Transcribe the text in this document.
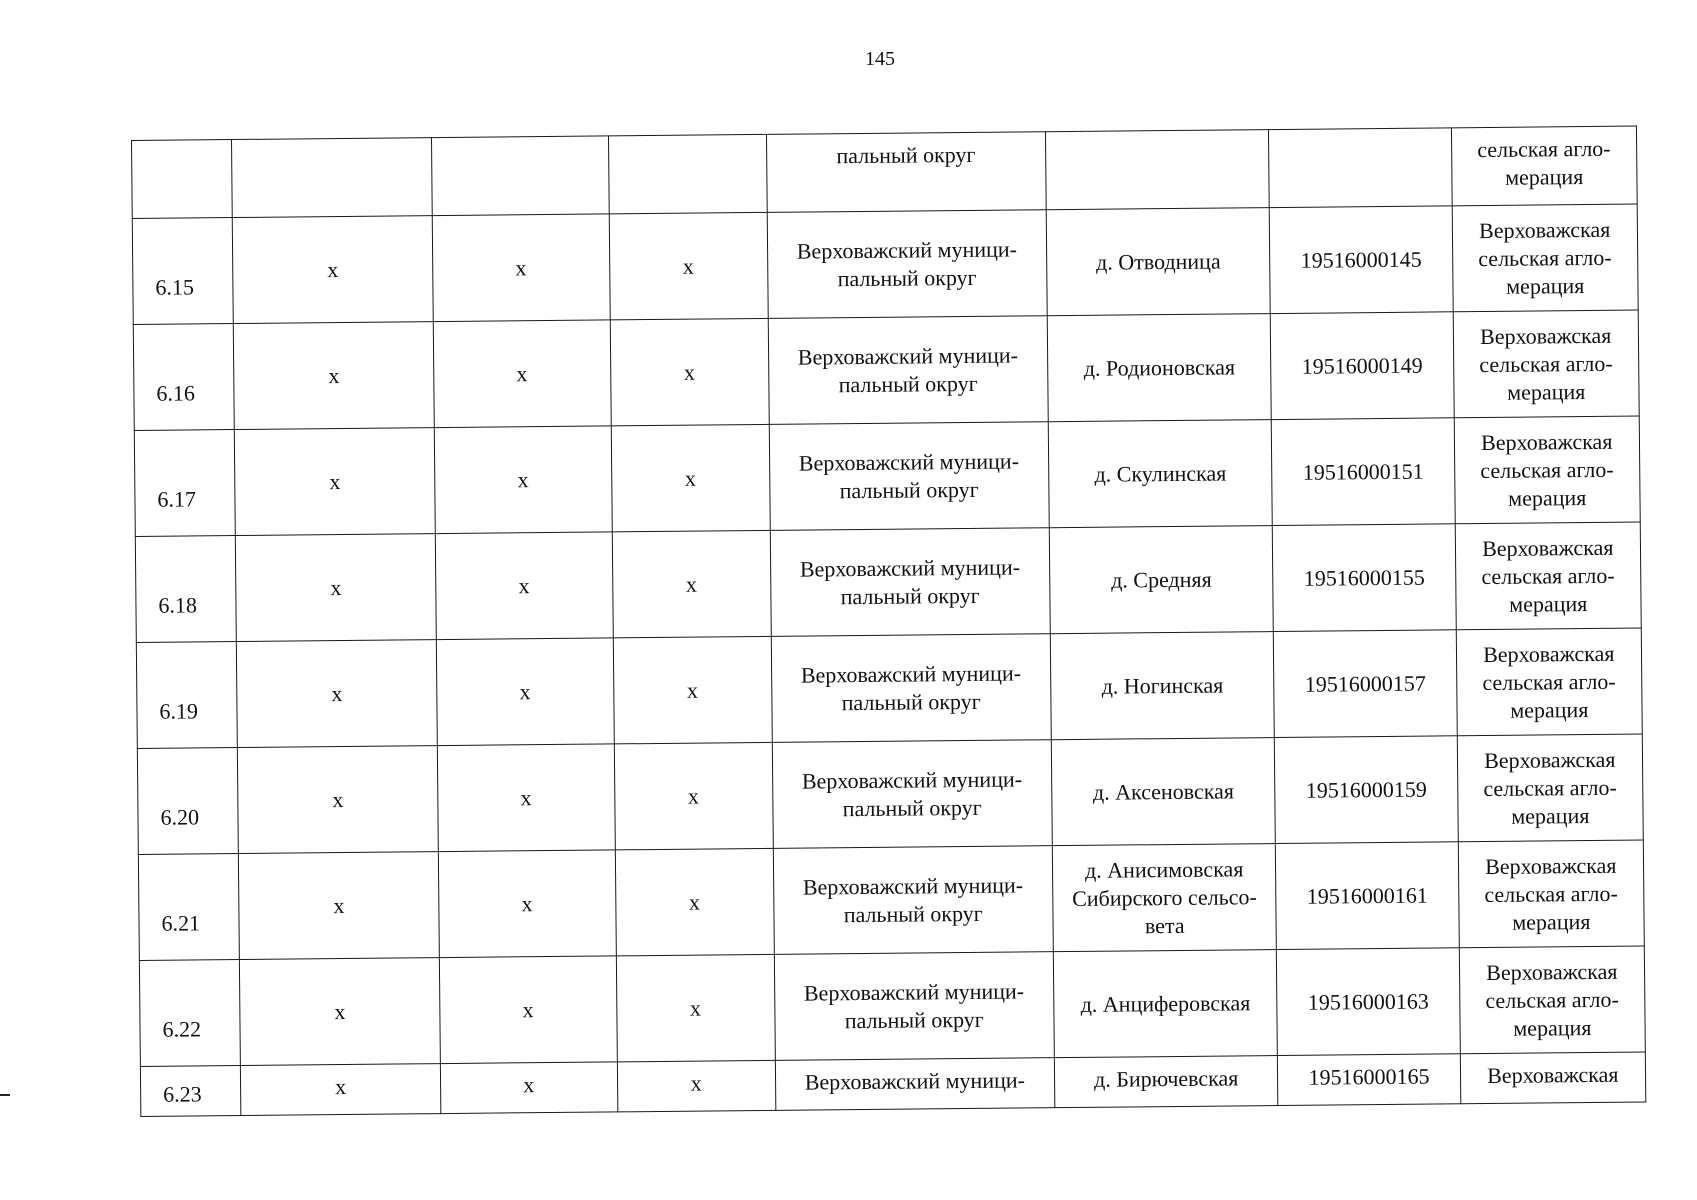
145
				пальный округ			сельская агло-
мерация
6.15	х	х	х	Верховажский муници-
пальный округ	д. Отводница	19516000145	Верховажская
сельская агло-
мерация
6.16	х	х	х	Верховажский муници-
пальный округ	д. Родионовская	19516000149	Верховажская
сельская агло-
мерация
6.17	х	х	х	Верховажский муници-
пальный округ	д. Скулинская	19516000151	Верховажская
сельская агло-
мерация
6.18	х	х	х	Верховажский муници-
пальный округ	д. Средняя	19516000155	Верховажская
сельская агло-
мерация
6.19	х	х	х	Верховажский муници-
пальный округ	д. Ногинская	19516000157	Верховажская
сельская агло-
мерация
6.20	х	х	х	Верховажский муници-
пальный округ	д. Аксеновская	19516000159	Верховажская
сельская агло-
мерация
6.21	х	х	х	Верховажский муници-
пальный округ	д. Анисимовская
Сибирского сельсо-
вета	19516000161	Верховажская
сельская агло-
мерация
6.22	х	х	х	Верховажский муници-
пальный округ	д. Анциферовская	19516000163	Верховажская
сельская агло-
мерация
6.23	х	х	х	Верховажский муници-	д. Бирючевская	19516000165	Верховажская
